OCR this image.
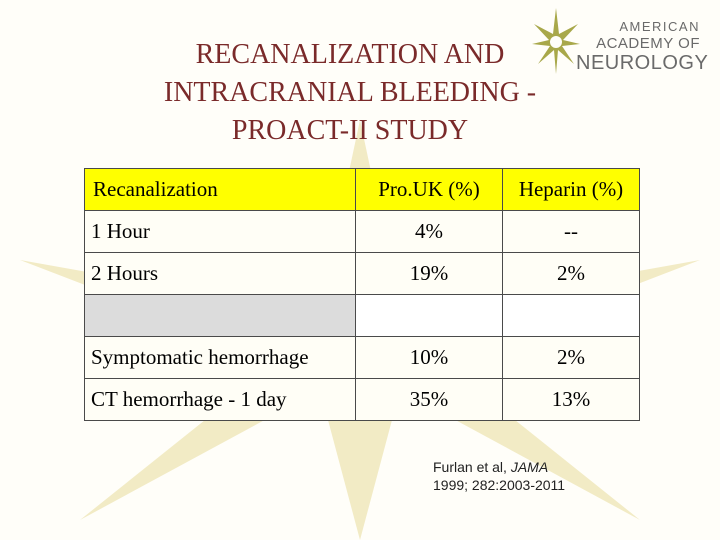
AMERICAN
ACADEMY OF
NEUROLOGY
RECANALIZATION AND
INTRACRANIAL BLEEDING -
PROACT-II STUDY
Recanalization	Pro.UK (%)	Heparin (%)
1 Hour	4%	--
2 Hours	19%	2%

Symptomatic hemorrhage	10%	2%
CT hemorrhage - 1 day	35%	13%
Furlan et al, JAMA
1999; 282:2003-2011
